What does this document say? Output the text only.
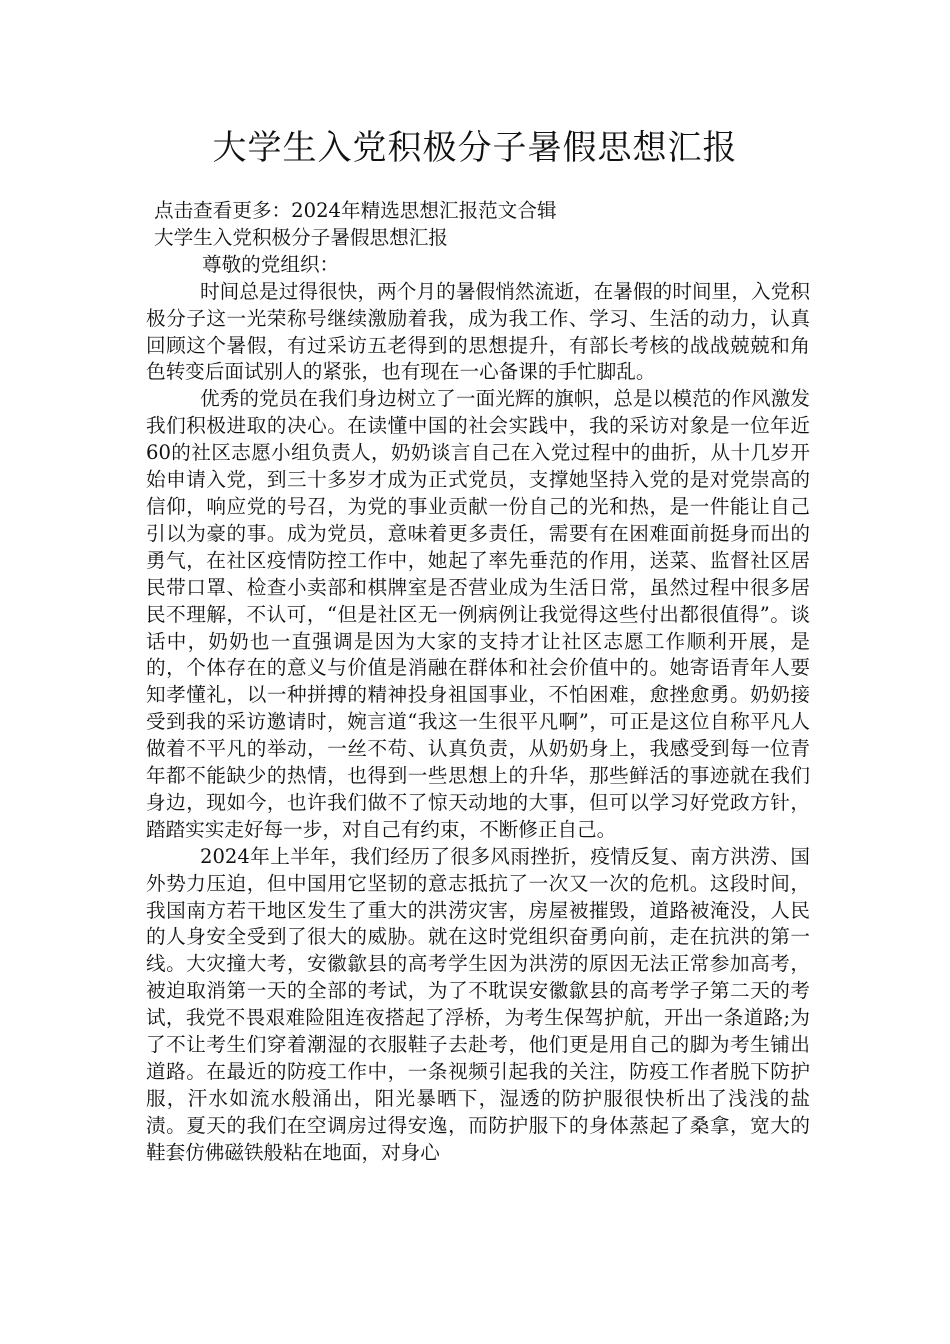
大学生入党积极分子暑假思想汇报

点击查看更多：2024年精选思想汇报范文合辑

大学生入党积极分子暑假思想汇报

尊敬的党组织：

时间总是过得很快，两个月的暑假悄然流逝，在暑假的时间里，入党积极分子这一光荣称号继续激励着我，成为我工作、学习、生活的动力，认真回顾这个暑假，有过采访五老得到的思想提升，有部长考核的战战兢兢和角色转变后面试别人的紧张，也有现在一心备课的手忙脚乱。

优秀的党员在我们身边树立了一面光辉的旗帜，总是以模范的作风激发我们积极进取的决心。在读懂中国的社会实践中，我的采访对象是一位年近60的社区志愿小组负责人，奶奶谈言自己在入党过程中的曲折，从十几岁开始申请入党，到三十多岁才成为正式党员，支撑她坚持入党的是对党崇高的信仰，响应党的号召，为党的事业贡献一份自己的光和热，是一件能让自己引以为豪的事。成为党员，意味着更多责任，需要有在困难面前挺身而出的勇气，在社区疫情防控工作中，她起了率先垂范的作用，送菜、监督社区居民带口罩、检查小卖部和棋牌室是否营业成为生活日常，虽然过程中很多居民不理解，不认可，“但是社区无一例病例让我觉得这些付出都很值得”。谈话中，奶奶也一直强调是因为大家的支持才让社区志愿工作顺利开展，是的，个体存在的意义与价值是消融在群体和社会价值中的。她寄语青年人要知孝懂礼，以一种拼搏的精神投身祖国事业，不怕困难，愈挫愈勇。奶奶接受到我的采访邀请时，婉言道“我这一生很平凡啊”，可正是这位自称平凡人做着不平凡的举动，一丝不苟、认真负责，从奶奶身上，我感受到每一位青年都不能缺少的热情，也得到一些思想上的升华，那些鲜活的事迹就在我们身边，现如今，也许我们做不了惊天动地的大事，但可以学习好党政方针，踏踏实实走好每一步，对自己有约束，不断修正自己。

2024年上半年，我们经历了很多风雨挫折，疫情反复、南方洪涝、国外势力压迫，但中国用它坚韧的意志抵抗了一次又一次的危机。这段时间，我国南方若干地区发生了重大的洪涝灾害，房屋被摧毁，道路被淹没，人民的人身安全受到了很大的威胁。就在这时党组织奋勇向前，走在抗洪的第一线。大灾撞大考，安徽歙县的高考学生因为洪涝的原因无法正常参加高考，被迫取消第一天的全部的考试，为了不耽误安徽歙县的高考学子第二天的考试，我党不畏艰难险阻连夜搭起了浮桥，为考生保驾护航，开出一条道路;为了不让考生们穿着潮湿的衣服鞋子去赴考，他们更是用自己的脚为考生铺出道路。在最近的防疫工作中，一条视频引起我的关注，防疫工作者脱下防护服，汗水如流水般涌出，阳光暴晒下，湿透的防护服很快析出了浅浅的盐渍。夏天的我们在空调房过得安逸，而防护服下的身体蒸起了桑拿，宽大的鞋套仿佛磁铁般粘在地面，对身心
